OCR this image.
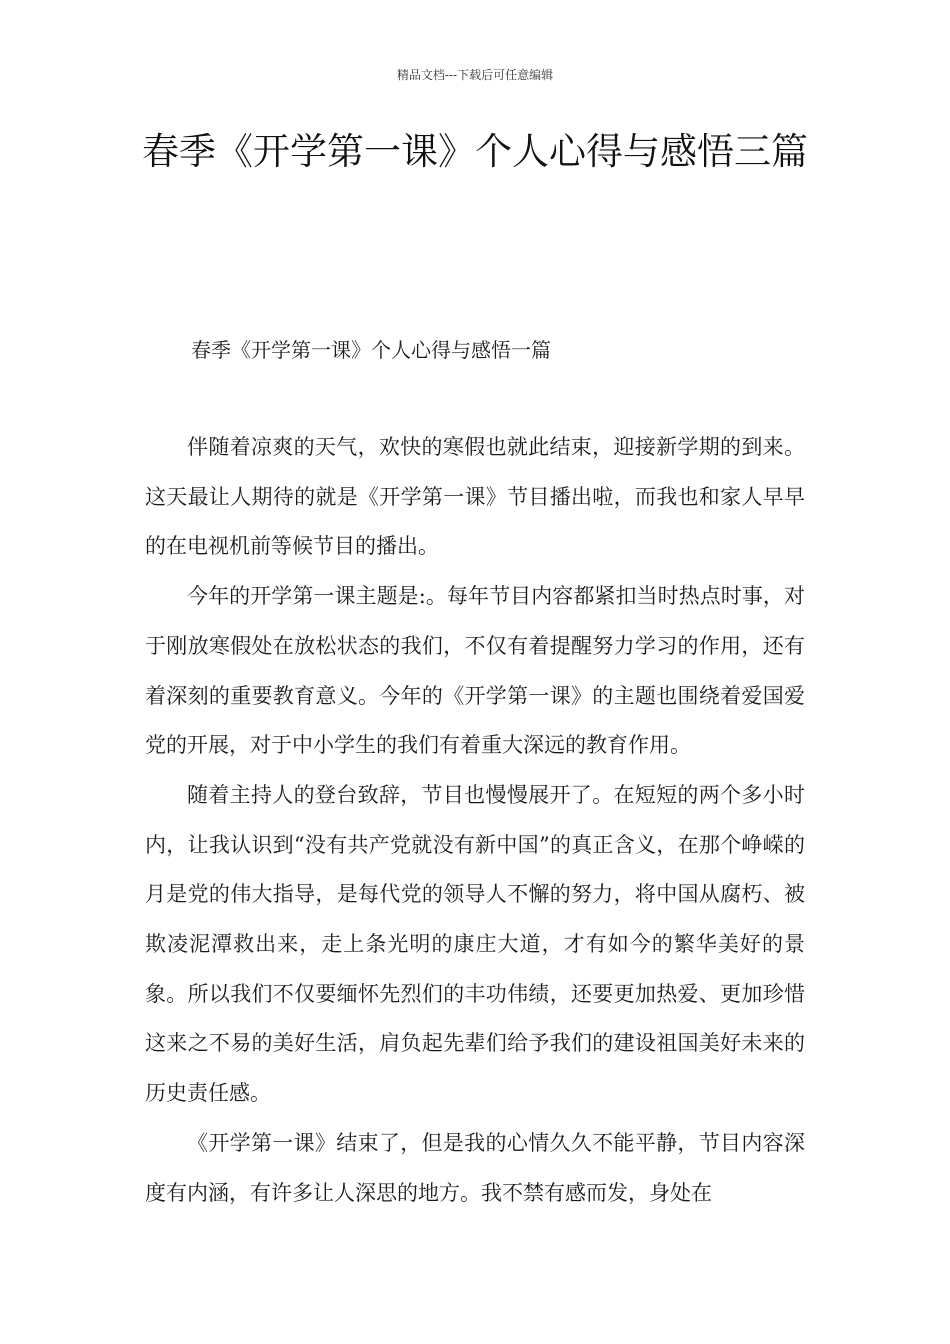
精品文档---下载后可任意编辑
春季《开学第一课》个人心得与感悟三篇
春季《开学第一课》个人心得与感悟一篇

伴随着凉爽的天气，欢快的寒假也就此结束，迎接新学期的到来。这天最让人期待的就是《开学第一课》节目播出啦，而我也和家人早早的在电视机前等候节目的播出。

今年的开学第一课主题是:。每年节目内容都紧扣当时热点时事，对于刚放寒假处在放松状态的我们，不仅有着提醒努力学习的作用，还有着深刻的重要教育意义。今年的《开学第一课》的主题也围绕着爱国爱党的开展，对于中小学生的我们有着重大深远的教育作用。

随着主持人的登台致辞，节目也慢慢展开了。在短短的两个多小时内，让我认识到“没有共产党就没有新中国”的真正含义，在那个峥嵘的月是党的伟大指导，是每代党的领导人不懈的努力，将中国从腐朽、被欺凌泥潭救出来，走上条光明的康庄大道，才有如今的繁华美好的景象。所以我们不仅要缅怀先烈们的丰功伟绩，还要更加热爱、更加珍惜这来之不易的美好生活，肩负起先辈们给予我们的建设祖国美好未来的历史责任感。

《开学第一课》结束了，但是我的心情久久不能平静，节目内容深度有内涵，有许多让人深思的地方。我不禁有感而发，身处在
